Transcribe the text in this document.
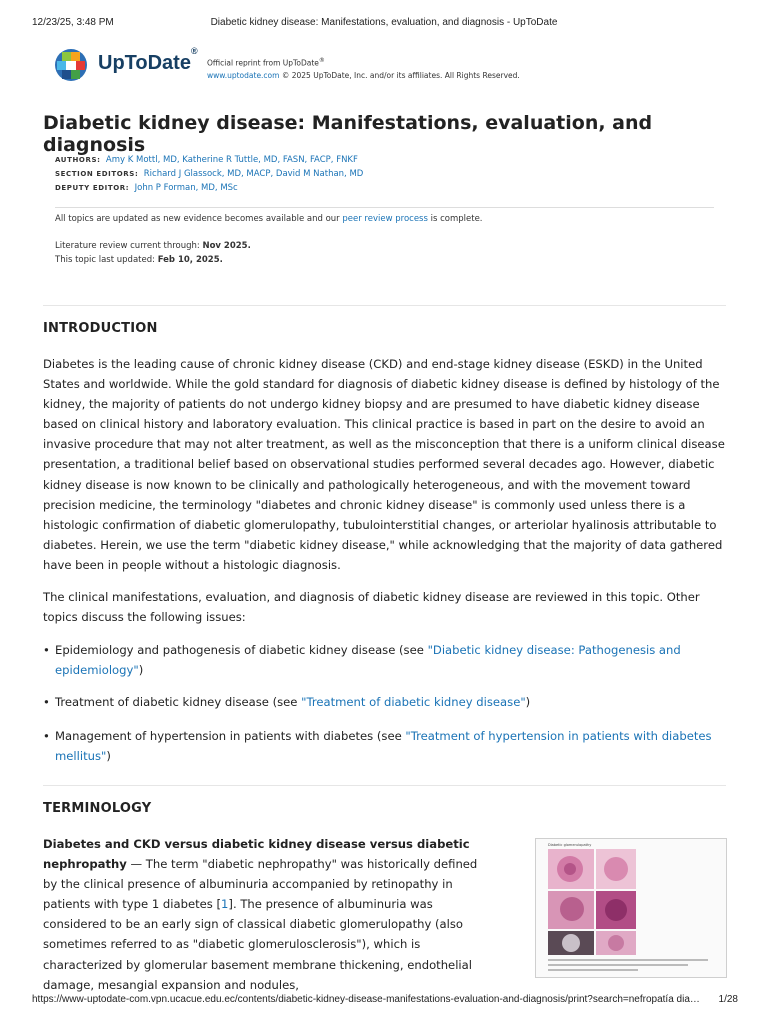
12/23/25, 3:48 PM	Diabetic kidney disease: Manifestations, evaluation, and diagnosis - UpToDate
UpToDate®
Official reprint from UpToDate®
www.uptodate.com © 2025 UpToDate, Inc. and/or its affiliates. All Rights Reserved.
Diabetic kidney disease: Manifestations, evaluation, and diagnosis
AUTHORS: Amy K Mottl, MD, Katherine R Tuttle, MD, FASN, FACP, FNKF
SECTION EDITORS: Richard J Glassock, MD, MACP, David M Nathan, MD
DEPUTY EDITOR: John P Forman, MD, MSc
All topics are updated as new evidence becomes available and our peer review process is complete.
Literature review current through: Nov 2025.
This topic last updated: Feb 10, 2025.
INTRODUCTION

Diabetes is the leading cause of chronic kidney disease (CKD) and end-stage kidney disease (ESKD) in the United States and worldwide. While the gold standard for diagnosis of diabetic kidney disease is defined by histology of the kidney, the majority of patients do not undergo kidney biopsy and are presumed to have diabetic kidney disease based on clinical history and laboratory evaluation. This clinical practice is based in part on the desire to avoid an invasive procedure that may not alter treatment, as well as the misconception that there is a uniform clinical disease presentation, a traditional belief based on observational studies performed several decades ago. However, diabetic kidney disease is now known to be clinically and pathologically heterogeneous, and with the movement toward precision medicine, the terminology "diabetes and chronic kidney disease" is commonly used unless there is a histologic confirmation of diabetic glomerulopathy, tubulointerstitial changes, or arteriolar hyalinosis attributable to diabetes. Herein, we use the term "diabetic kidney disease," while acknowledging that the majority of data gathered have been in people without a histologic diagnosis.

The clinical manifestations, evaluation, and diagnosis of diabetic kidney disease are reviewed in this topic. Other topics discuss the following issues:

• Epidemiology and pathogenesis of diabetic kidney disease (see "Diabetic kidney disease: Pathogenesis and epidemiology")
• Treatment of diabetic kidney disease (see "Treatment of diabetic kidney disease")
• Management of hypertension in patients with diabetes (see "Treatment of hypertension in patients with diabetes mellitus")
TERMINOLOGY

Diabetes and CKD versus diabetic kidney disease versus diabetic nephropathy — The term "diabetic nephropathy" was historically defined by the clinical presence of albuminuria accompanied by retinopathy in patients with type 1 diabetes [1]. The presence of albuminuria was considered to be an early sign of classical diabetic glomerulopathy (also sometimes referred to as "diabetic glomerulosclerosis"), which is characterized by glomerular basement membrane thickening, endothelial damage, mesangial expansion and nodules,

Diabetic glomerulopathy
https://www-uptodate-com.vpn.ucacue.edu.ec/contents/diabetic-kidney-disease-manifestations-evaluation-and-diagnosis/print?search=nefropatía dia… 1/28
